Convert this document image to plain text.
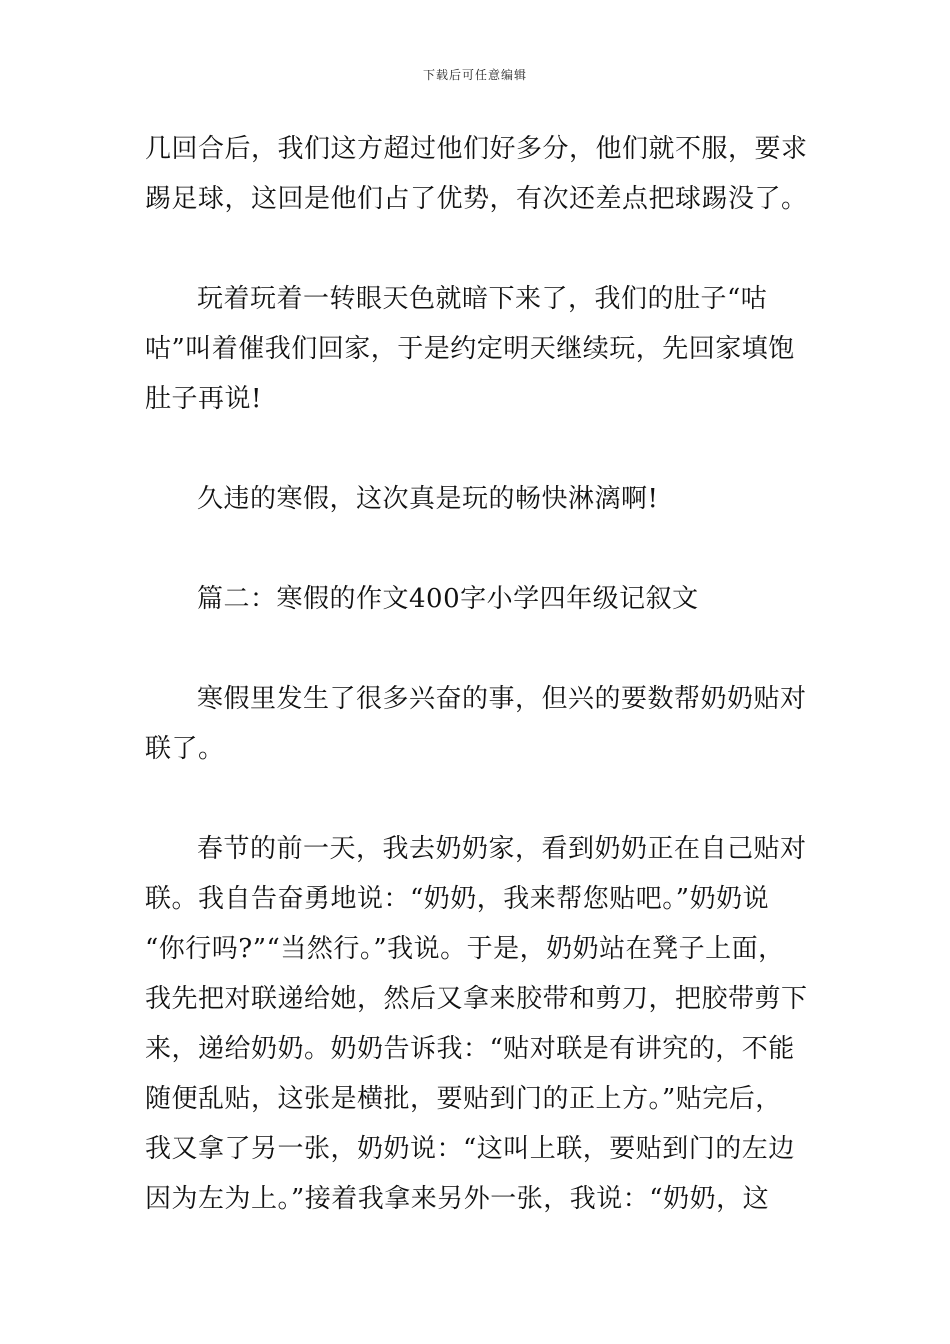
下载后可任意编辑

几回合后，我们这方超过他们好多分，他们就不服，要求
踢足球，这回是他们占了优势，有次还差点把球踢没了。

玩着玩着一转眼天色就暗下来了，我们的肚子“咕
咕”叫着催我们回家，于是约定明天继续玩，先回家填饱
肚子再说!

久违的寒假，这次真是玩的畅快淋漓啊!

篇二：寒假的作文400字小学四年级记叙文

寒假里发生了很多兴奋的事，但兴的要数帮奶奶贴对
联了。

春节的前一天，我去奶奶家，看到奶奶正在自己贴对
联。我自告奋勇地说：“奶奶，我来帮您贴吧。”奶奶说
“你行吗?”“当然行。”我说。于是，奶奶站在凳子上面，
我先把对联递给她，然后又拿来胶带和剪刀，把胶带剪下
来，递给奶奶。奶奶告诉我：“贴对联是有讲究的，不能
随便乱贴，这张是横批，要贴到门的正上方。”贴完后，
我又拿了另一张，奶奶说：“这叫上联，要贴到门的左边
因为左为上。”接着我拿来另外一张，我说：“奶奶，这
